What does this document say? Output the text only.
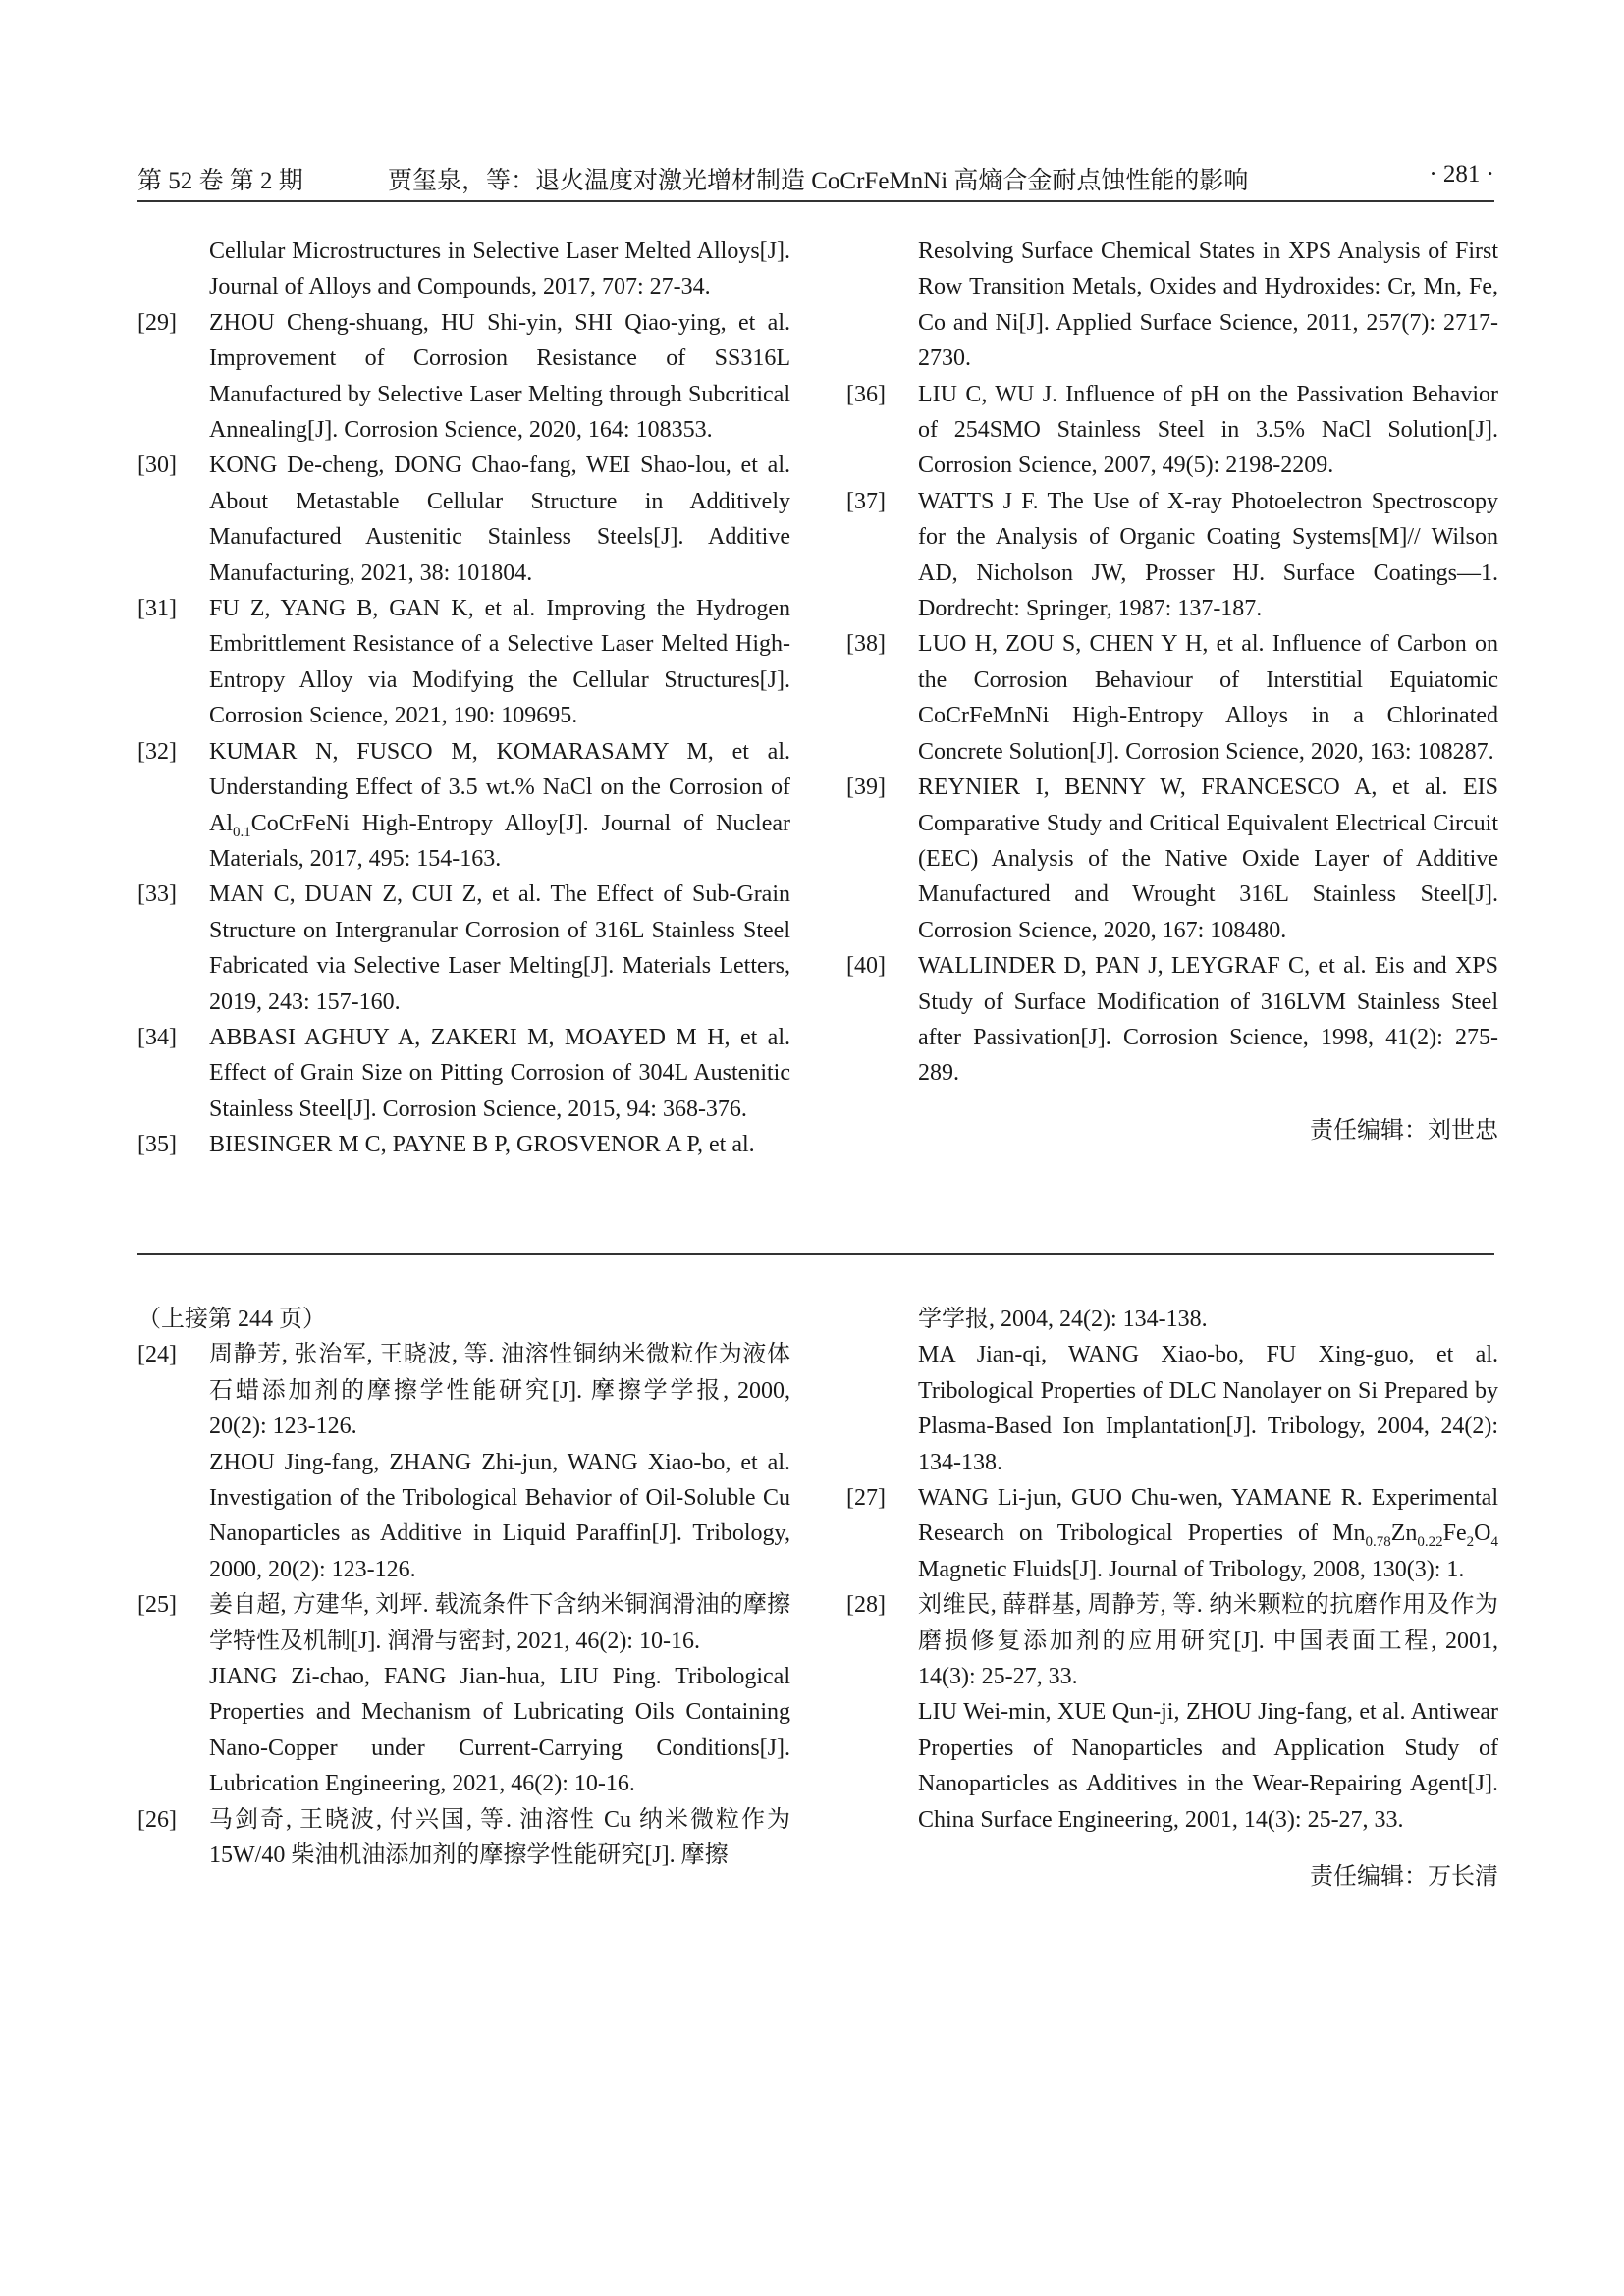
第 52 卷 第 2 期	贾玺泉，等：退火温度对激光增材制造 CoCrFeMnNi 高熵合金耐点蚀性能的影响	· 281 ·

Cellular Microstructures in Selective Laser Melted Alloys[J]. Journal of Alloys and Compounds, 2017, 707: 27-34.

[29] ZHOU Cheng-shuang, HU Shi-yin, SHI Qiao-ying, et al. Improvement of Corrosion Resistance of SS316L Manufactured by Selective Laser Melting through Subcritical Annealing[J]. Corrosion Science, 2020, 164: 108353.

[30] KONG De-cheng, DONG Chao-fang, WEI Shao-lou, et al. About Metastable Cellular Structure in Additively Manufactured Austenitic Stainless Steels[J]. Additive Manufacturing, 2021, 38: 101804.

[31] FU Z, YANG B, GAN K, et al. Improving the Hydrogen Embrittlement Resistance of a Selective Laser Melted High-Entropy Alloy via Modifying the Cellular Structures[J]. Corrosion Science, 2021, 190: 109695.

[32] KUMAR N, FUSCO M, KOMARASAMY M, et al. Understanding Effect of 3.5 wt.% NaCl on the Corrosion of $Al_{0.1}CoCrFeNi$ High-Entropy Alloy[J]. Journal of Nuclear Materials, 2017, 495: 154-163.

[33] MAN C, DUAN Z, CUI Z, et al. The Effect of Sub-Grain Structure on Intergranular Corrosion of 316L Stainless Steel Fabricated via Selective Laser Melting[J]. Materials Letters, 2019, 243: 157-160.

[34] ABBASI AGHUY A, ZAKERI M, MOAYED M H, et al. Effect of Grain Size on Pitting Corrosion of 304L Austenitic Stainless Steel[J]. Corrosion Science, 2015, 94: 368-376.

[35] BIESINGER M C, PAYNE B P, GROSVENOR A P, et al.

Resolving Surface Chemical States in XPS Analysis of First Row Transition Metals, Oxides and Hydroxides: Cr, Mn, Fe, Co and Ni[J]. Applied Surface Science, 2011, 257(7): 2717-2730.

[36] LIU C, WU J. Influence of pH on the Passivation Behavior of 254SMO Stainless Steel in 3.5% NaCl Solution[J]. Corrosion Science, 2007, 49(5): 2198-2209.

[37] WATTS J F. The Use of X-ray Photoelectron Spectroscopy for the Analysis of Organic Coating Systems[M]// Wilson AD, Nicholson JW, Prosser HJ. Surface Coatings—1. Dordrecht: Springer, 1987: 137-187.

[38] LUO H, ZOU S, CHEN Y H, et al. Influence of Carbon on the Corrosion Behaviour of Interstitial Equiatomic CoCrFeMnNi High-Entropy Alloys in a Chlorinated Concrete Solution[J]. Corrosion Science, 2020, 163: 108287.

[39] REYNIER I, BENNY W, FRANCESCO A, et al. EIS Comparative Study and Critical Equivalent Electrical Circuit (EEC) Analysis of the Native Oxide Layer of Additive Manufactured and Wrought 316L Stainless Steel[J]. Corrosion Science, 2020, 167: 108480.

[40] WALLINDER D, PAN J, LEYGRAF C, et al. Eis and XPS Study of Surface Modification of 316LVM Stainless Steel after Passivation[J]. Corrosion Science, 1998, 41(2): 275-289.

责任编辑：刘世忠

（上接第 244 页）

[24] 周静芳, 张治军, 王晓波, 等. 油溶性铜纳米微粒作为液体石蜡添加剂的摩擦学性能研究[J]. 摩擦学学报, 2000, 20(2): 123-126.

ZHOU Jing-fang, ZHANG Zhi-jun, WANG Xiao-bo, et al. Investigation of the Tribological Behavior of Oil-Soluble Cu Nanoparticles as Additive in Liquid Paraffin[J]. Tribology, 2000, 20(2): 123-126.

[25] 姜自超, 方建华, 刘坪. 载流条件下含纳米铜润滑油的摩擦学特性及机制[J]. 润滑与密封, 2021, 46(2): 10-16.

JIANG Zi-chao, FANG Jian-hua, LIU Ping. Tribological Properties and Mechanism of Lubricating Oils Containing Nano-Copper under Current-Carrying Conditions[J]. Lubrication Engineering, 2021, 46(2): 10-16.

[26] 马剑奇, 王晓波, 付兴国, 等. 油溶性 Cu 纳米微粒作为15W/40 柴油机油添加剂的摩擦学性能研究[J]. 摩擦

学学报, 2004, 24(2): 134-138.

MA Jian-qi, WANG Xiao-bo, FU Xing-guo, et al. Tribological Properties of DLC Nanolayer on Si Prepared by Plasma-Based Ion Implantation[J]. Tribology, 2004, 24(2): 134-138.

[27] WANG Li-jun, GUO Chu-wen, YAMANE R. Experimental Research on Tribological Properties of $Mn_{0.78}Zn_{0.22}Fe_2O_4$ Magnetic Fluids[J]. Journal of Tribology, 2008, 130(3): 1.

[28] 刘维民, 薛群基, 周静芳, 等. 纳米颗粒的抗磨作用及作为磨损修复添加剂的应用研究[J]. 中国表面工程, 2001, 14(3): 25-27, 33.

LIU Wei-min, XUE Qun-ji, ZHOU Jing-fang, et al. Antiwear Properties of Nanoparticles and Application Study of Nanoparticles as Additives in the Wear-Repairing Agent[J]. China Surface Engineering, 2001, 14(3): 25-27, 33.

责任编辑：万长清
